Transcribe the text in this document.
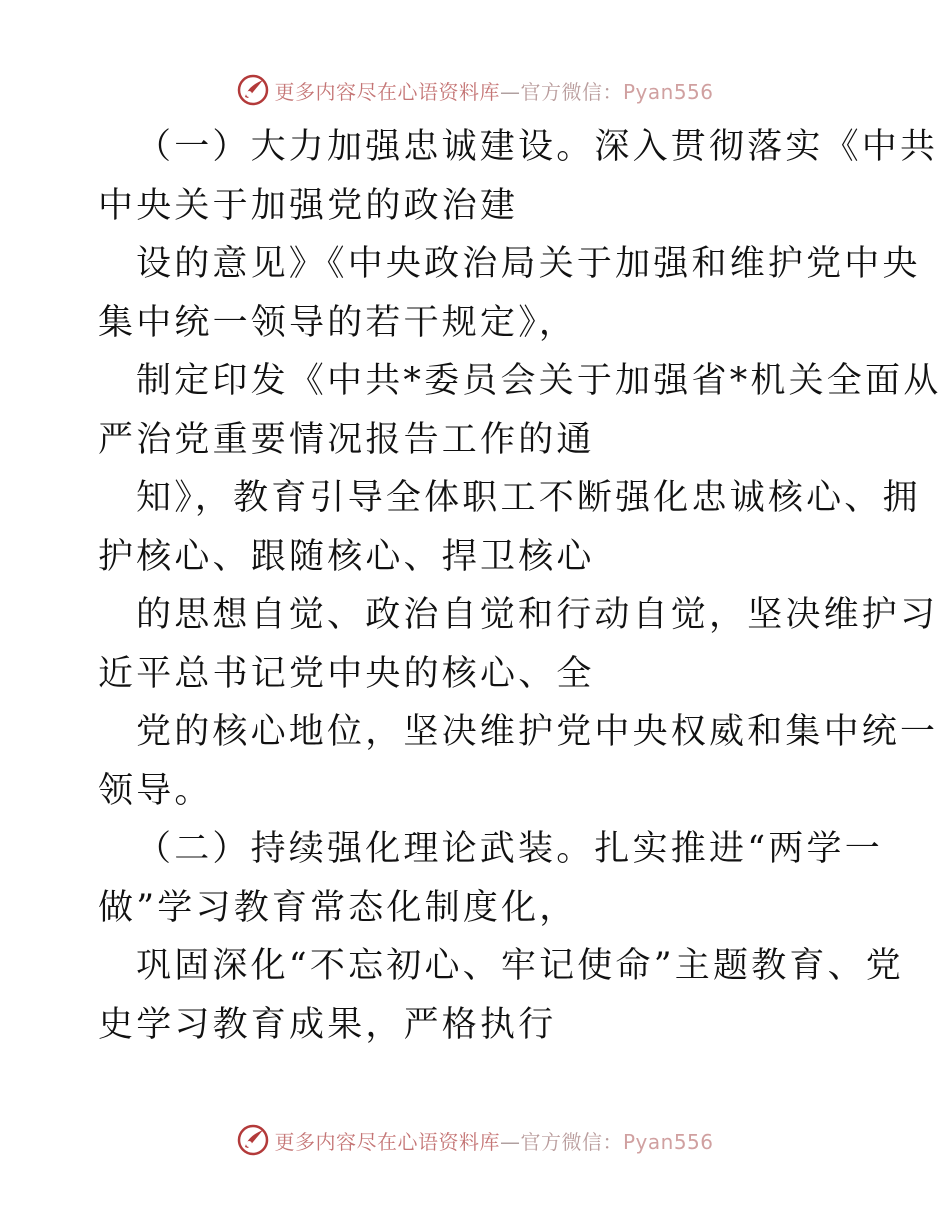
更多内容尽在心语资料库—官方微信：Pyan556
（一）大力加强忠诚建设。深入贯彻落实《中共
中央关于加强党的政治建
设的意见》《中央政治局关于加强和维护党中央
集中统一领导的若干规定》，
制定印发《中共*委员会关于加强省*机关全面从
严治党重要情况报告工作的通
知》，教育引导全体职工不断强化忠诚核心、拥
护核心、跟随核心、捍卫核心
的思想自觉、政治自觉和行动自觉，坚决维护习
近平总书记党中央的核心、全
党的核心地位，坚决维护党中央权威和集中统一
领导。
（二）持续强化理论武装。扎实推进“两学一
做”学习教育常态化制度化，
巩固深化“不忘初心、牢记使命”主题教育、党
史学习教育成果，严格执行
更多内容尽在心语资料库—官方微信：Pyan556
